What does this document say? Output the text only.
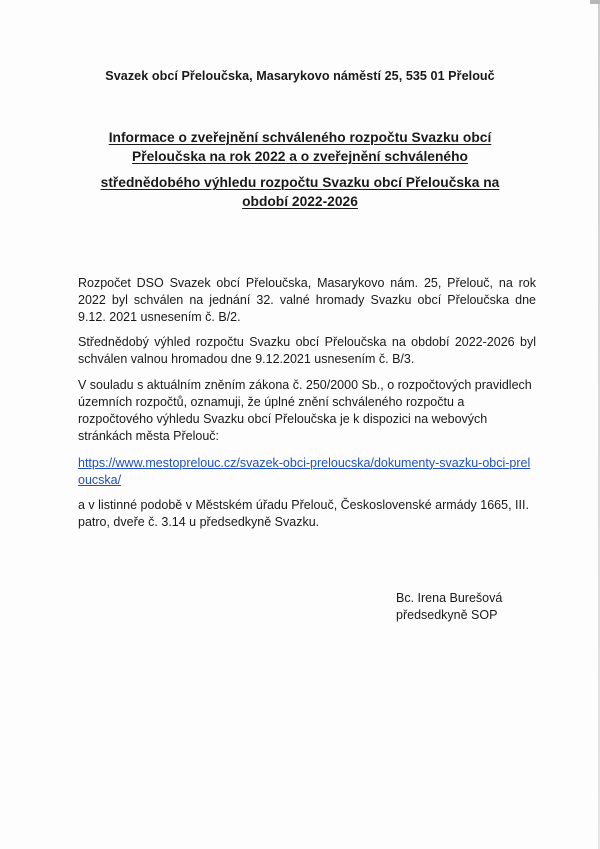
Svazek obcí Přeloučska, Masarykovo náměstí 25, 535 01 Přelouč
Informace o zveřejnění schváleného rozpočtu Svazku obcí Přeloučska na rok 2022 a o zveřejnění schváleného
střednědobého výhledu rozpočtu Svazku obcí Přeloučska na období 2022-2026
Rozpočet DSO Svazek obcí Přeloučska, Masarykovo nám. 25, Přelouč, na rok 2022 byl schválen na jednání 32. valné hromady Svazku obcí Přeloučska dne 9.12. 2021 usnesením č. B/2.
Střednědobý výhled rozpočtu Svazku obcí Přeloučska na období 2022-2026 byl schválen valnou hromadou dne 9.12.2021 usnesením č. B/3.
V souladu s aktuálním zněním zákona č. 250/2000 Sb., o rozpočtových pravidlech územních rozpočtů, oznamuji, že úplné znění schváleného rozpočtu a rozpočtového výhledu Svazku obcí Přeloučska je k dispozici na webových stránkách města Přelouč:
https://www.mestoprelouc.cz/svazek-obci-preloucska/dokumenty-svazku-obci-preloucska/
a v listinné podobě v Městském úřadu Přelouč, Československé armády 1665, III. patro, dveře č. 3.14 u předsedkyně Svazku.
Bc. Irena Burešová
předsedkyně SOP
